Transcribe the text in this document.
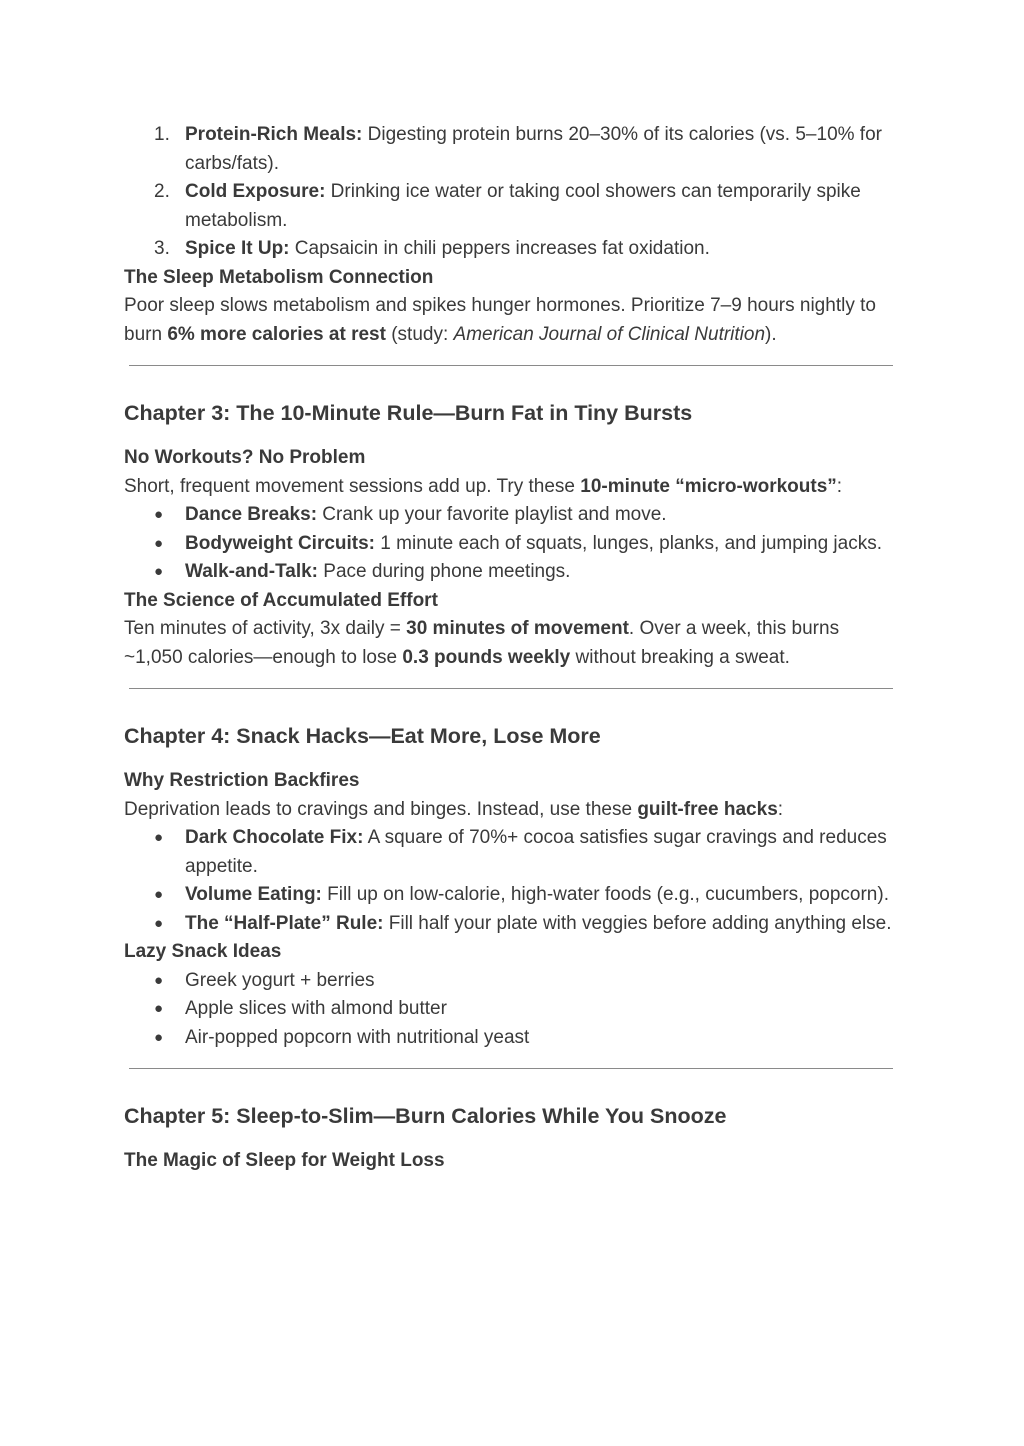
1. Protein-Rich Meals: Digesting protein burns 20–30% of its calories (vs. 5–10% for carbs/fats).
2. Cold Exposure: Drinking ice water or taking cool showers can temporarily spike metabolism.
3. Spice It Up: Capsaicin in chili peppers increases fat oxidation.
The Sleep Metabolism Connection

Poor sleep slows metabolism and spikes hunger hormones. Prioritize 7–9 hours nightly to burn 6% more calories at rest (study: American Journal of Clinical Nutrition).

Chapter 3: The 10-Minute Rule—Burn Fat in Tiny Bursts
No Workouts? No Problem

Short, frequent movement sessions add up. Try these 10-minute “micro-workouts”:

● Dance Breaks: Crank up your favorite playlist and move.
● Bodyweight Circuits: 1 minute each of squats, lunges, planks, and jumping jacks.
● Walk-and-Talk: Pace during phone meetings.
The Science of Accumulated Effort

Ten minutes of activity, 3x daily = 30 minutes of movement. Over a week, this burns ~1,050 calories—enough to lose 0.3 pounds weekly without breaking a sweat.

Chapter 4: Snack Hacks—Eat More, Lose More
Why Restriction Backfires

Deprivation leads to cravings and binges. Instead, use these guilt-free hacks:

● Dark Chocolate Fix: A square of 70%+ cocoa satisfies sugar cravings and reduces appetite.
● Volume Eating: Fill up on low-calorie, high-water foods (e.g., cucumbers, popcorn).
● The “Half-Plate” Rule: Fill half your plate with veggies before adding anything else.
Lazy Snack Ideas
● Greek yogurt + berries
● Apple slices with almond butter
● Air-popped popcorn with nutritional yeast
Chapter 5: Sleep-to-Slim—Burn Calories While You Snooze
The Magic of Sleep for Weight Loss
